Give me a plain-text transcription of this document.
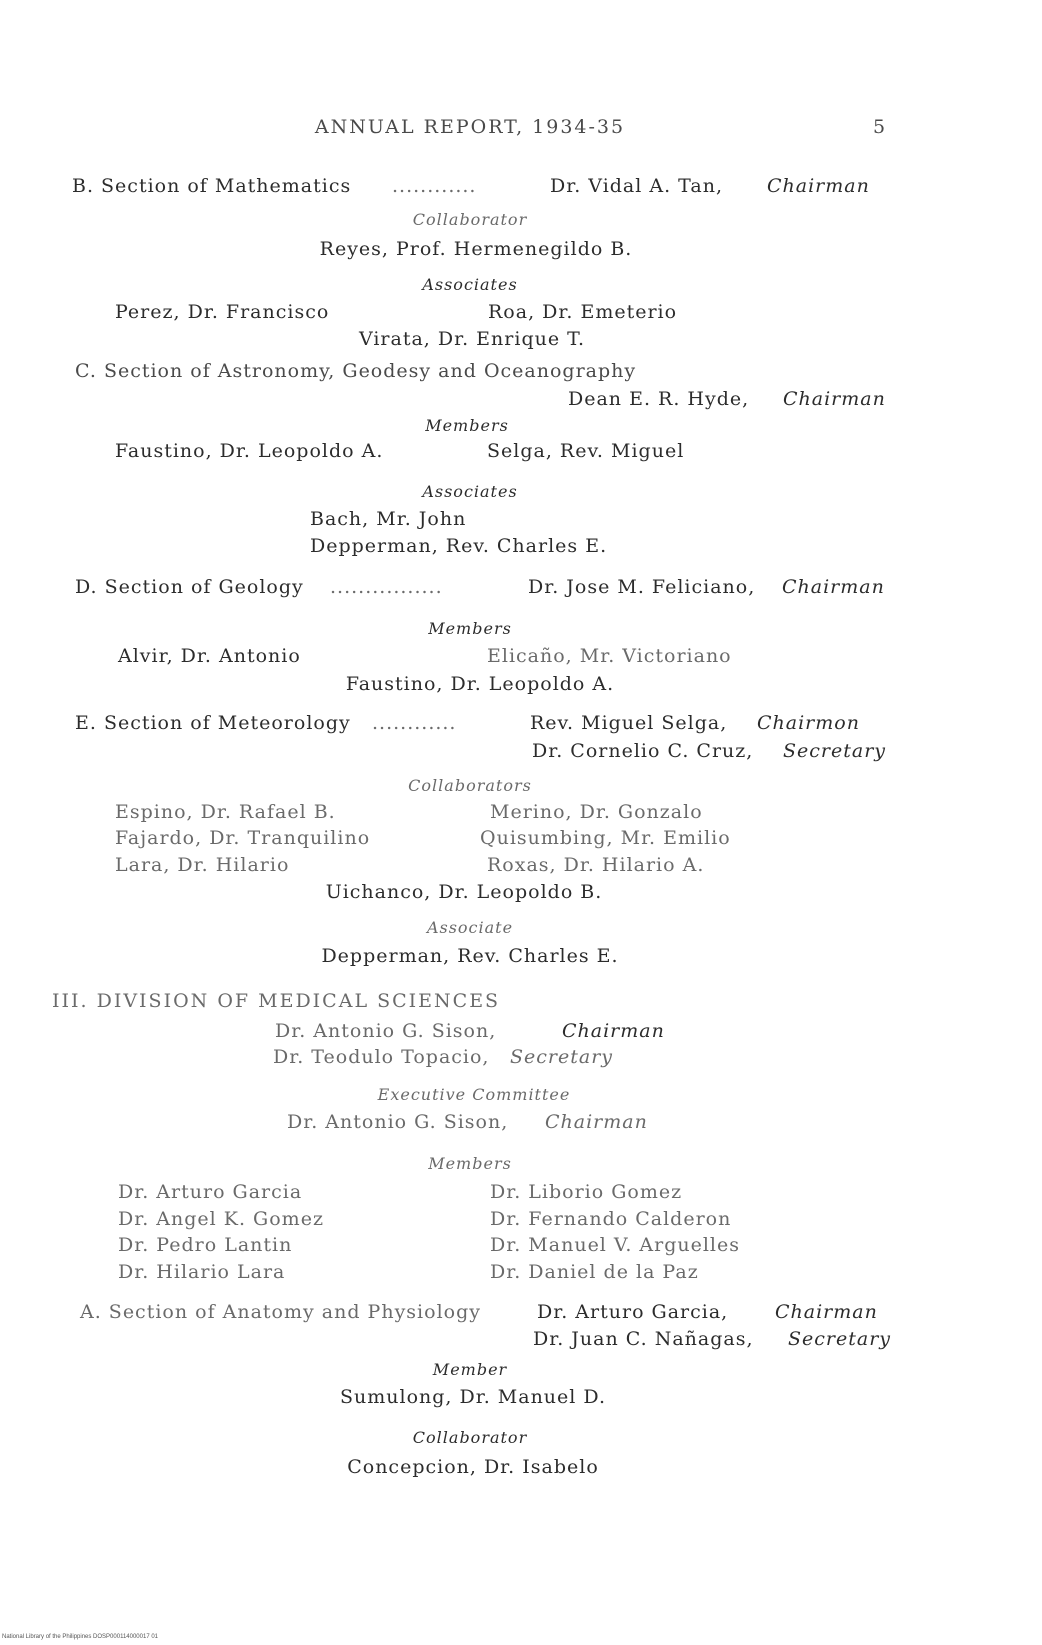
ANNUAL REPORT, 1934-35	5
B. Section of Mathematics ............	Dr. Vidal A. Tan, Chairman
Collaborator
Reyes, Prof. Hermenegildo B.
Associates
Perez, Dr. Francisco	Roa, Dr. Emeterio
Virata, Dr. Enrique T.
C. Section of Astronomy, Geodesy and Oceanography
Dean E. R. Hyde, Chairman
Members
Faustino, Dr. Leopoldo A.	Selga, Rev. Miguel
Associates
Bach, Mr. John
Depperman, Rev. Charles E.
D. Section of Geology ................	Dr. Jose M. Feliciano, Chairman
Members
Alvir, Dr. Antonio	Elicaño, Mr. Victoriano
Faustino, Dr. Leopoldo A.
E. Section of Meteorology ............	Rev. Miguel Selga, Chairmon
Dr. Cornelio C. Cruz, Secretary
Collaborators
Espino, Dr. Rafael B.	Merino, Dr. Gonzalo
Fajardo, Dr. Tranquilino	Quisumbing, Mr. Emilio
Lara, Dr. Hilario	Roxas, Dr. Hilario A.
Uichanco, Dr. Leopoldo B.
Associate
Depperman, Rev. Charles E.
III. DIVISION OF MEDICAL SCIENCES
Dr. Antonio G. Sison,	Chairman
Dr. Teodulo Topacio, Secretary
Executive Committee
Dr. Antonio G. Sison, Chairman
Members
Dr. Arturo Garcia	Dr. Liborio Gomez
Dr. Angel K. Gomez	Dr. Fernando Calderon
Dr. Pedro Lantin	Dr. Manuel V. Arguelles
Dr. Hilario Lara	Dr. Daniel de la Paz
A. Section of Anatomy and Physiology	Dr. Arturo Garcia, Chairman
Dr. Juan C. Nañagas, Secretary
Member
Sumulong, Dr. Manuel D.
Collaborator
Concepcion, Dr. Isabelo
National Library of the Philippines DOSP000114000017 01
